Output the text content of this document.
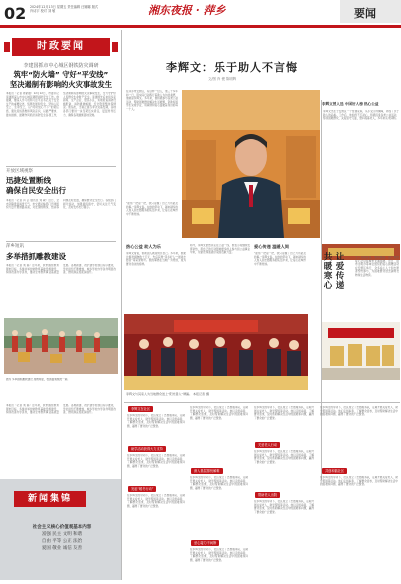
02 2024年12月13日 星期五 责任编辑 汪娜娜 版式 肖诗宇 校对 刘 敏	湘东夜报 · 萍乡	要闻
时政要闻
李建国抓市中心城区钢铁防灾调研
筑牢“防火墙” 守好“平安线”
坚决遏制有影响的火灾事故发生
本报讯（记者 周紫薇）12月12日，市委书记李建国深入市中心城区调研消防安全工作。他强调，要深入学习贯彻习近平总书记关于安全生产的重要论述，统筹发展和安全，坚持人民至上、生命至上，以“时时放心不下”的责任感，强化底线思维和风险意识，以最严要求、最实措施、最硬作风抓好消防安全各项工作，坚决遏制有影响的火灾事故发生，全力守护好人民群众生命财产安全。李建国先后来到多家商场、生产企业、居民小区，实地检查消防设施配备、消防通道畅通、安全隐患整改等情况。他指出，当前正值冬季火灾高发期，各地各部门要进一步压紧压实责任，层层传导压力，确保各项措施落地见效。
开放区域视察
迅捷处置断线
确保自民安全出行
本报讯（记者 肖 芸 通讯员 刘 敏）近日，全市突降低温雨雪天气，市交通运输部门迅速组织力量开展道路巡查，对发现的断线、结冰等问题及时处置，确保群众安全出行。各级部门闻令而动，加强值班值守，密切关注天气变化，及时发布出行提示。
萍乡短讯
多举措抓雕教建设
本报讯（记者 刘 娟）近年来，我市围绕教育强市目标，多措并举加快教育基础设施建设，持续改善办学条件，推动全市教育事业高质量发展。各地新建、改扩建学校项目有序推进，学位供给不断增加，城乡学校办学条件明显改善，群众满意度逐步提升。
图为 多举措抓雕教建设 成效明显，校园面貌焕然一新。
本报讯（记者 刘 娟）近年来，我市围绕教育强市目标，多措并举加快教育基础设施建设，持续改善办学条件，推动全市教育事业高质量发展。各地新建、改扩建学校项目有序推进，学位供给不断增加，城乡学校办学条件明显改善，群众满意度逐步提升。
新闻集锦
社会主义核心价值观基本内容
富强 民主 文明 和谐
自由 平等 公正 法治
爱国 敬业 诚信 友善
李辉文：乐于助人不言悔
文/图 肖 俊 陈明辉
在萍乡市安源区，有这样一位人，他三十多年如一日，用实际行动践行着助人为乐的美德，他就是李辉文。多年来，他积极参与各类公益活动，帮助困难群众解决生活难题，资助贫困学生完成学业，用真情和爱心温暖着身边的每一个人。
“能帮一把是一把，我只是做了自己力所能及的事。”李辉文说。在他的带动下，越来越多的人加入到志愿服务的队伍中来，让爱心在城市中不断传递。
热心公益 助人为乐
李辉文常说，帮助别人就是快乐自己。多年来，他累计捐款捐物数十万元，先后获得“萍乡好人”“最美志愿者”等荣誉称号。他的事迹在当地广为传颂，成为群众身边的榜样。
如今，李辉文依然奔走在公益一线，他表示将继续发挥余热，用自己的行动影响更多的人参与到公益事业中来，为建设和谐美好家园贡献力量。
爱心传递 温暖人间
“能帮一把是一把，我只是做了自己力所能及的事。”李辉文说。在他的带动下，越来越多的人加入到志愿服务的队伍中来，让爱心在城市中不断传递。
李辉文曾入选 中国好人榜 热心公益
李辉文出生于安源区一个普通家庭，从小受父母熏陶，养成了乐于助人的品格。工作后，他始终不忘初心，积极投身各类公益活动，帮扶困难群众，关爱留守儿童，慰问孤寡老人，多年来从未间断。
让爱传递
共暖寒心	十二月的萍乡，寒风渐起，但一份份爱心让这座城市充满温暖。近日，由市文明办等单位组织的爱心捐赠活动在安源区举行，众多爱心人士和志愿者纷纷参与，为困难群众送去御寒衣物和生活物资。
李辉文与其家人为当地群众送上“阳光善人”牌匾。 本报记者 摄
李辉文在社区
在李辉文的带动下，社区成立了志愿服务队，定期开展关爱老人、助学帮困等活动。他们走街串巷，了解群众需求，及时帮助解决生活中的困难和问题，赢得了群众的广泛赞誉。
助学活动获得大力支持
在李辉文的带动下，社区成立了志愿服务队，定期开展关爱老人、助学帮困等活动。他们走街串巷，了解群众需求，及时帮助解决生活中的困难和问题，赢得了群众的广泛赞誉。
发起“暖冬行动”
在李辉文的带动下，社区成立了志愿服务队，定期开展关爱老人、助学帮困等活动。他们走街串巷，了解群众需求，及时帮助解决生活中的困难和问题，赢得了群众的广泛赞誉。
在李辉文的带动下，社区成立了志愿服务队，定期开展关爱老人、助学帮困等活动。他们走街串巷，了解群众需求，及时帮助解决生活中的困难和问题，赢得了群众的广泛赞誉。
深入基层排忧解难
在李辉文的带动下，社区成立了志愿服务队，定期开展关爱老人、助学帮困等活动。他们走街串巷，了解群众需求，及时帮助解决生活中的困难和问题，赢得了群众的广泛赞誉。
爱心接力不间断
在李辉文的带动下，社区成立了志愿服务队，定期开展关爱老人、助学帮困等活动。他们走街串巷，了解群众需求，及时帮助解决生活中的困难和问题，赢得了群众的广泛赞誉。
在李辉文的带动下，社区成立了志愿服务队，定期开展关爱老人、助学帮困等活动。他们走街串巷，了解群众需求，及时帮助解决生活中的困难和问题，赢得了群众的广泛赞誉。
关爱老人行动
在李辉文的带动下，社区成立了志愿服务队，定期开展关爱老人、助学帮困等活动。他们走街串巷，了解群众需求，及时帮助解决生活中的困难和问题，赢得了群众的广泛赞誉。
帮助老人出院
在李辉文的带动下，社区成立了志愿服务队，定期开展关爱老人、助学帮困等活动。他们走街串巷，了解群众需求，及时帮助解决生活中的困难和问题，赢得了群众的广泛赞誉。
在李辉文的带动下，社区成立了志愿服务队，定期开展关爱老人、助学帮困等活动。他们走街串巷，了解群众需求，及时帮助解决生活中的困难和问题，赢得了群众的广泛赞誉。
共创和谐社区
在李辉文的带动下，社区成立了志愿服务队，定期开展关爱老人、助学帮困等活动。他们走街串巷，了解群众需求，及时帮助解决生活中的困难和问题，赢得了群众的广泛赞誉。
